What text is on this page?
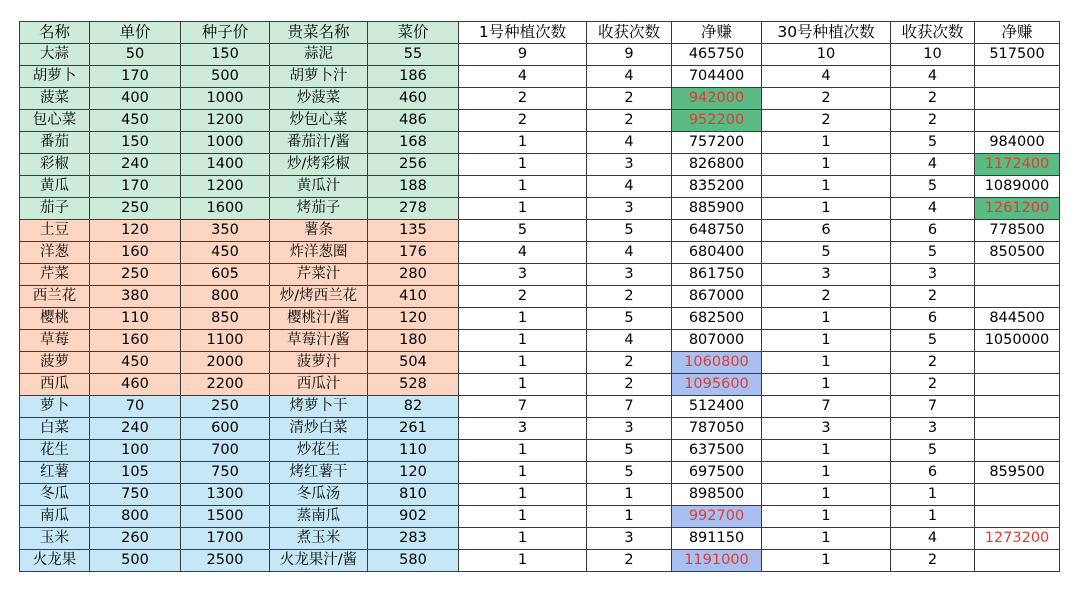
名称	单价	种子价	贵菜名称	菜价	1号种植次数	收获次数	净赚	30号种植次数	收获次数	净赚
大蒜	50	150	蒜泥	55	9	9	465750	10	10	517500
胡萝卜	170	500	胡萝卜汁	186	4	4	704400	4	4	
菠菜	400	1000	炒菠菜	460	2	2	942000	2	2	
包心菜	450	1200	炒包心菜	486	2	2	952200	2	2	
番茄	150	1000	番茄汁/酱	168	1	4	757200	1	5	984000
彩椒	240	1400	炒/烤彩椒	256	1	3	826800	1	4	1172400
黄瓜	170	1200	黄瓜汁	188	1	4	835200	1	5	1089000
茄子	250	1600	烤茄子	278	1	3	885900	1	4	1261200
土豆	120	350	薯条	135	5	5	648750	6	6	778500
洋葱	160	450	炸洋葱圈	176	4	4	680400	5	5	850500
芹菜	250	605	芹菜汁	280	3	3	861750	3	3	
西兰花	380	800	炒/烤西兰花	410	2	2	867000	2	2	
樱桃	110	850	樱桃汁/酱	120	1	5	682500	1	6	844500
草莓	160	1100	草莓汁/酱	180	1	4	807000	1	5	1050000
菠萝	450	2000	菠萝汁	504	1	2	1060800	1	2	
西瓜	460	2200	西瓜汁	528	1	2	1095600	1	2	
萝卜	70	250	烤萝卜干	82	7	7	512400	7	7	
白菜	240	600	清炒白菜	261	3	3	787050	3	3	
花生	100	700	炒花生	110	1	5	637500	1	5	
红薯	105	750	烤红薯干	120	1	5	697500	1	6	859500
冬瓜	750	1300	冬瓜汤	810	1	1	898500	1	1	
南瓜	800	1500	蒸南瓜	902	1	1	992700	1	1	
玉米	260	1700	煮玉米	283	1	3	891150	1	4	1273200
火龙果	500	2500	火龙果汁/酱	580	1	2	1191000	1	2	
